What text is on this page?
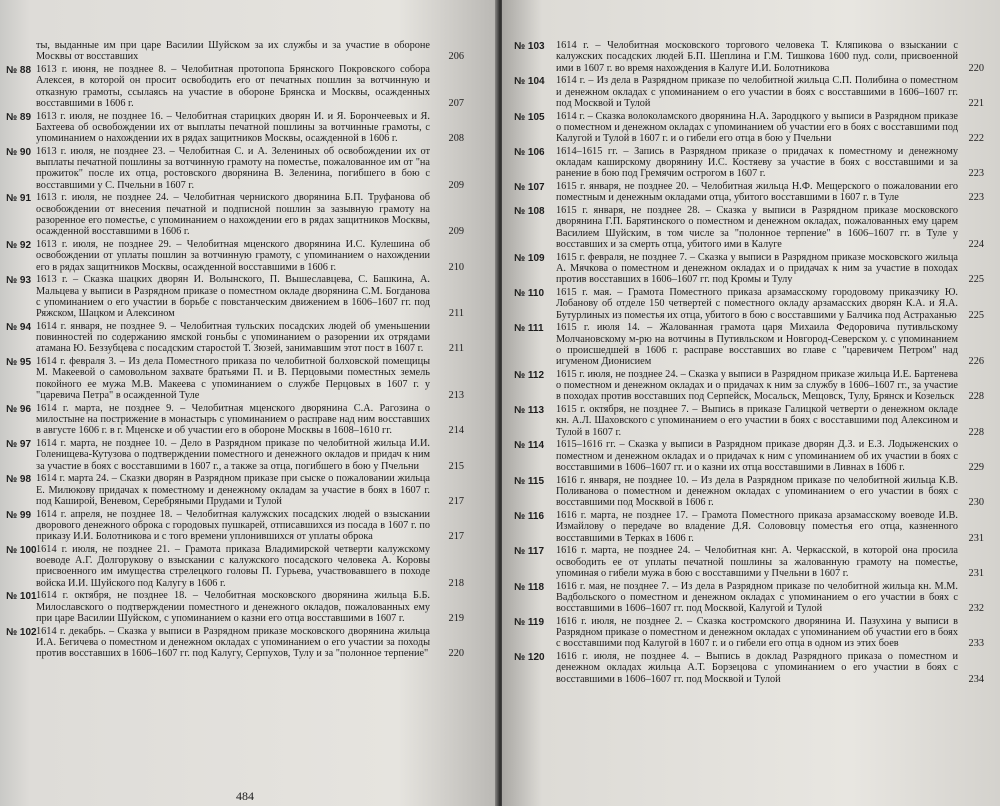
ты, выданные им при царе Василии Шуйском за их службы и за участие в обороне Москвы от восставших	206
№ 88 1613 г. июня, не позднее 8. – Челобитная протопопа Брянского Покровского собора Алексея, в которой он просит освободить его от печатных пошлин за вотчинную и отказную грамоты, ссылаясь на участие в обороне Брянска и Москвы, осажденных восставшими в 1606 г.	207
№ 89 1613 г. июля, не позднее 16. – Челобитная старицких дворян И. и Я. Борончеевых и Я. Бахтеева об освобождении их от выплаты печатной пошлины за вотчинные грамоты, с упоминанием о нахождении их в рядах защитников Москвы, осажденной в 1606 г.	208
№ 90 1613 г. июля, не позднее 23. – Челобитная С. и А. Зелениных об освобождении их от выплаты печатной пошлины за вотчинную грамоту на поместье, пожалованное им от "на прожиток" после их отца, ростовского дворянина В. Зеленина, погибшего в бою с восставшими у С. Пчельни в 1607 г.	209
№ 91 1613 г. июля, не позднее 24. – Челобитная черниского дворянина Б.П. Труфанова об освобождении от внесения печатной и подписной пошлин за зазывную грамоту на разоренное его поместье, с упоминанием о нахождении его в рядах защитников Москвы, осажденной восставшими в 1606 г.	209
№ 92 1613 г. июля, не позднее 29. – Челобитная мценского дворянина И.С. Кулешина об освобождении от уплаты пошлин за вотчинную грамоту, с упоминанием о нахождении его в рядах защитников Москвы, осажденной восставшими в 1606 г.	210
№ 93 1613 г. – Сказка шацких дворян И. Волынского, П. Вышеславцева, С. Башкина, А. Мальцева у выписи в Разрядном приказе о поместном окладе дворянина С.М. Богданова с упоминанием о его участии в борьбе с повстанческим движением в 1606–1607 гг. под Ряжском, Шацком и Алексином	211
№ 94 1614 г. января, не позднее 9. – Челобитная тульских посадских людей об уменьшении повинностей по содержанию ямской гоньбы с упоминанием о разорении их отрядами атамана Ю. Беззубцева с посадским старостой Т. Зюзей, занимавшим этот пост в 1607 г.	211
№ 95 1614 г. февраля 3. – Из дела Поместного приказа по челобитной болховской помещицы М. Макеевой о самовольном захвате братьями П. и В. Перцовыми поместных земель покойного ее мужа М.В. Макеева с упоминанием о службе Перцовых в 1607 г. у "царевича Петра" в осажденной Туле	213
№ 96 1614 г. марта, не позднее 9. – Челобитная мценского дворянина С.А. Рагозина о милостыне на пострижение в монастырь с упоминанием о расправе над ним восставших в августе 1606 г. в г. Мценске и об участии его в обороне Москвы в 1608–1610 гг.	214
№ 97 1614 г. марта, не позднее 10. – Дело в Разрядном приказе по челобитной жильца И.И. Голенищева-Кутузова о подтверждении поместного и денежного окладов и придач к ним за участие в боях с восставшими в 1607 г., а также за отца, погибшего в бою у Пчельни	215
№ 98 1614 г. марта 24. – Сказки дворян в Разрядном приказе при сыске о пожаловании жильца Е. Милюкову придачах к поместному и денежному окладам за участие в боях в 1607 г. под Каширой, Веневом, Серебряными Прудами и Тулой	217
№ 99 1614 г. апреля, не позднее 18. – Челобитная калужских посадских людей о взыскании дворового денежного оброка с городовых пушкарей, отписавшихся из посада в 1607 г. по приказу И.И. Болотникова и с того времени уплонившихся от уплаты оброка	217
№ 100 1614 г. июля, не позднее 21. – Грамота приказа Владимирской четверти калужскому воеводе А.Г. Долгорукову о взыскании с калужского посадского человека А. Коровы присвоенного им имущества стрелецкого головы П. Гурьева, участвовавшего в походе войска И.И. Шуйского под Калугу в 1606 г.	218
№ 101 1614 г. октября, не позднее 18. – Челобитная московского дворянина жильца Б.Б. Милославского о подтверждении поместного и денежного окладов, пожалованных ему при царе Василии Шуйском, с упоминанием о казни его отца восставшими в 1607 г.	219
№ 102 1614 г. декабрь. – Сказка у выписи в Разрядном приказе московского дворянина жильца И.А. Бегичева о поместном и денежном окладах с упоминанием о его участии за походы против восставших в 1606–1607 гг. под Калугу, Серпухов, Тулу и за "полонное терпение" 220
484
№ 103 1614 г. – Челобитная московского торгового человека Т. Кляпикова о взыскании с калужских посадских людей Б.П. Шеплина и Г.М. Тишкова 1600 пуд. соли, присвоенной ими в 1607 г. во время нахождения в Калуге И.И. Болотникова	220
№ 104 1614 г. – Из дела в Разрядном приказе по челобитной жильца С.П. Полибина о поместном и денежном окладах с упоминанием о его участии в боях с восставшими в 1606–1607 гг. под Москвой и Тулой	221
№ 105 1614 г. – Сказка волоколамского дворянина Н.А. Зародцкого у выписи в Разрядном приказе о поместном и денежном окладах с упоминанием об участии его в боях с восставшими под Калугой и Тулой в 1607 г. и о гибели его отца в бою у Пчельни	222
№ 106 1614–1615 гг. – Запись в Разрядном приказе о придачах к поместному и денежному окладам каширскому дворянину И.С. Костяеву за участие в боях с восставшими и за ранение в бою под Гремячим острогом в 1607 г.	223
№ 107 1615 г. января, не позднее 20. – Челобитная жильца Н.Ф. Мещерского о пожаловании его поместным и денежным окладами отца, убитого восставшими в 1607 г. в Туле	223
№ 108 1615 г. января, не позднее 28. – Сказка у выписи в Разрядном приказе московского дворянина Г.П. Барятинского о поместном и денежном окладах, пожалованных ему царем Василием Шуйским, в том числе за "полонное терпение" в 1606–1607 гг. в Туле у восставших и за смерть отца, убитого ими в Калуге	224
№ 109 1615 г. февраля, не позднее 7. – Сказка у выписи в Разрядном приказе московского жильца А. Мячкова о поместном и денежном окладах и о придачах к ним за участие в походах против восставших в 1606–1607 гг. под Кромы и Тулу	225
№ 110 1615 г. мая. – Грамота Поместного приказа арзамасскому городовому приказчику Ю. Лобанову об отделе 150 четвертей с поместного окладу арзамасских дворян К.А. и Я.А. Бутурлиных из поместья их отца, убитого в бою с восставшими у Балчика под Астраханью 225
№ 111 1615 г. июля 14. – Жалованная грамота царя Михаила Федоровича путивльскому Молчановскому м-рю на вотчины в Путивльском и Новгород-Северском у. с упоминанием о происшедшей в 1606 г. расправе восставших во главе с "царевичем Петром" над игуменом Дионисием	226
№ 112 1615 г. июля, не позднее 24. – Сказка у выписи в Разрядном приказе жильца И.Е. Бартенева о поместном и денежном окладах и о придачах к ним за службу в 1606–1607 гг., за участие в походах против восставших под Серпейск, Мосальск, Мещовск, Тулу, Брянск и Козельск	228
№ 113 1615 г. октября, не позднее 7. – Выпись в приказе Галицкой четверти о денежном окладе кн. А.Л. Шаховского с упоминанием о его участии в боях с восставшими под Алексином и Тулой в 1607 г.	228
№ 114 1615–1616 гг. – Сказка у выписи в Разрядном приказе дворян Д.З. и Е.З. Лодыженских о поместном и денежном окладах и о придачах к ним с упоминанием об их участии в боях с восставшими в 1606–1607 гг. и о казни их отца восставшими в Ливнах в 1606 г.	229
№ 115 1616 г. января, не позднее 10. – Из дела в Разрядном приказе по челобитной жильца К.В. Поливанова о поместном и денежном окладах с упоминанием о его участии в боях с восставшими под Москвой в 1606 г.	230
№ 116 1616 г. марта, не позднее 17. – Грамота Поместного приказа арзамасскому воеводе И.В. Измайлову о передаче во владение Д.Я. Солововцу поместья его отца, казненного восставшими в Терках в 1606 г.	231
№ 117 1616 г. марта, не позднее 24. – Челобитная кнг. А. Черкасской, в которой она просила освободить ее от уплаты печатной пошлины за жалованную грамоту на поместье, упоминая о гибели мужа в бою с восставшими у Пчельни в 1607 г.	231
№ 118 1616 г. мая, не позднее 7. – Из дела в Разрядном приказе по челобитной жильца кн. М.М. Вадбольского о поместном и денежном окладах с упоминанием о его участии в боях с восставшими в 1606–1607 гг. под Москвой, Калугой и Тулой	232
№ 119 1616 г. июля, не позднее 2. – Сказка костромского дворянина И. Пазухина у выписи в Разрядном приказе о поместном и денежном окладах с упоминанием об участии его в боях с восставшими под Калугой в 1607 г. и о гибели его отца в одном из этих боев	233
№ 120 1616 г. июля, не позднее 4. – Выпись в доклад Разрядного приказа о поместном и денежном окладах жильца А.Т. Борзецова с упоминанием о его участии в боях с восставшими в 1606–1607 гг. под Москвой и Тулой	234
